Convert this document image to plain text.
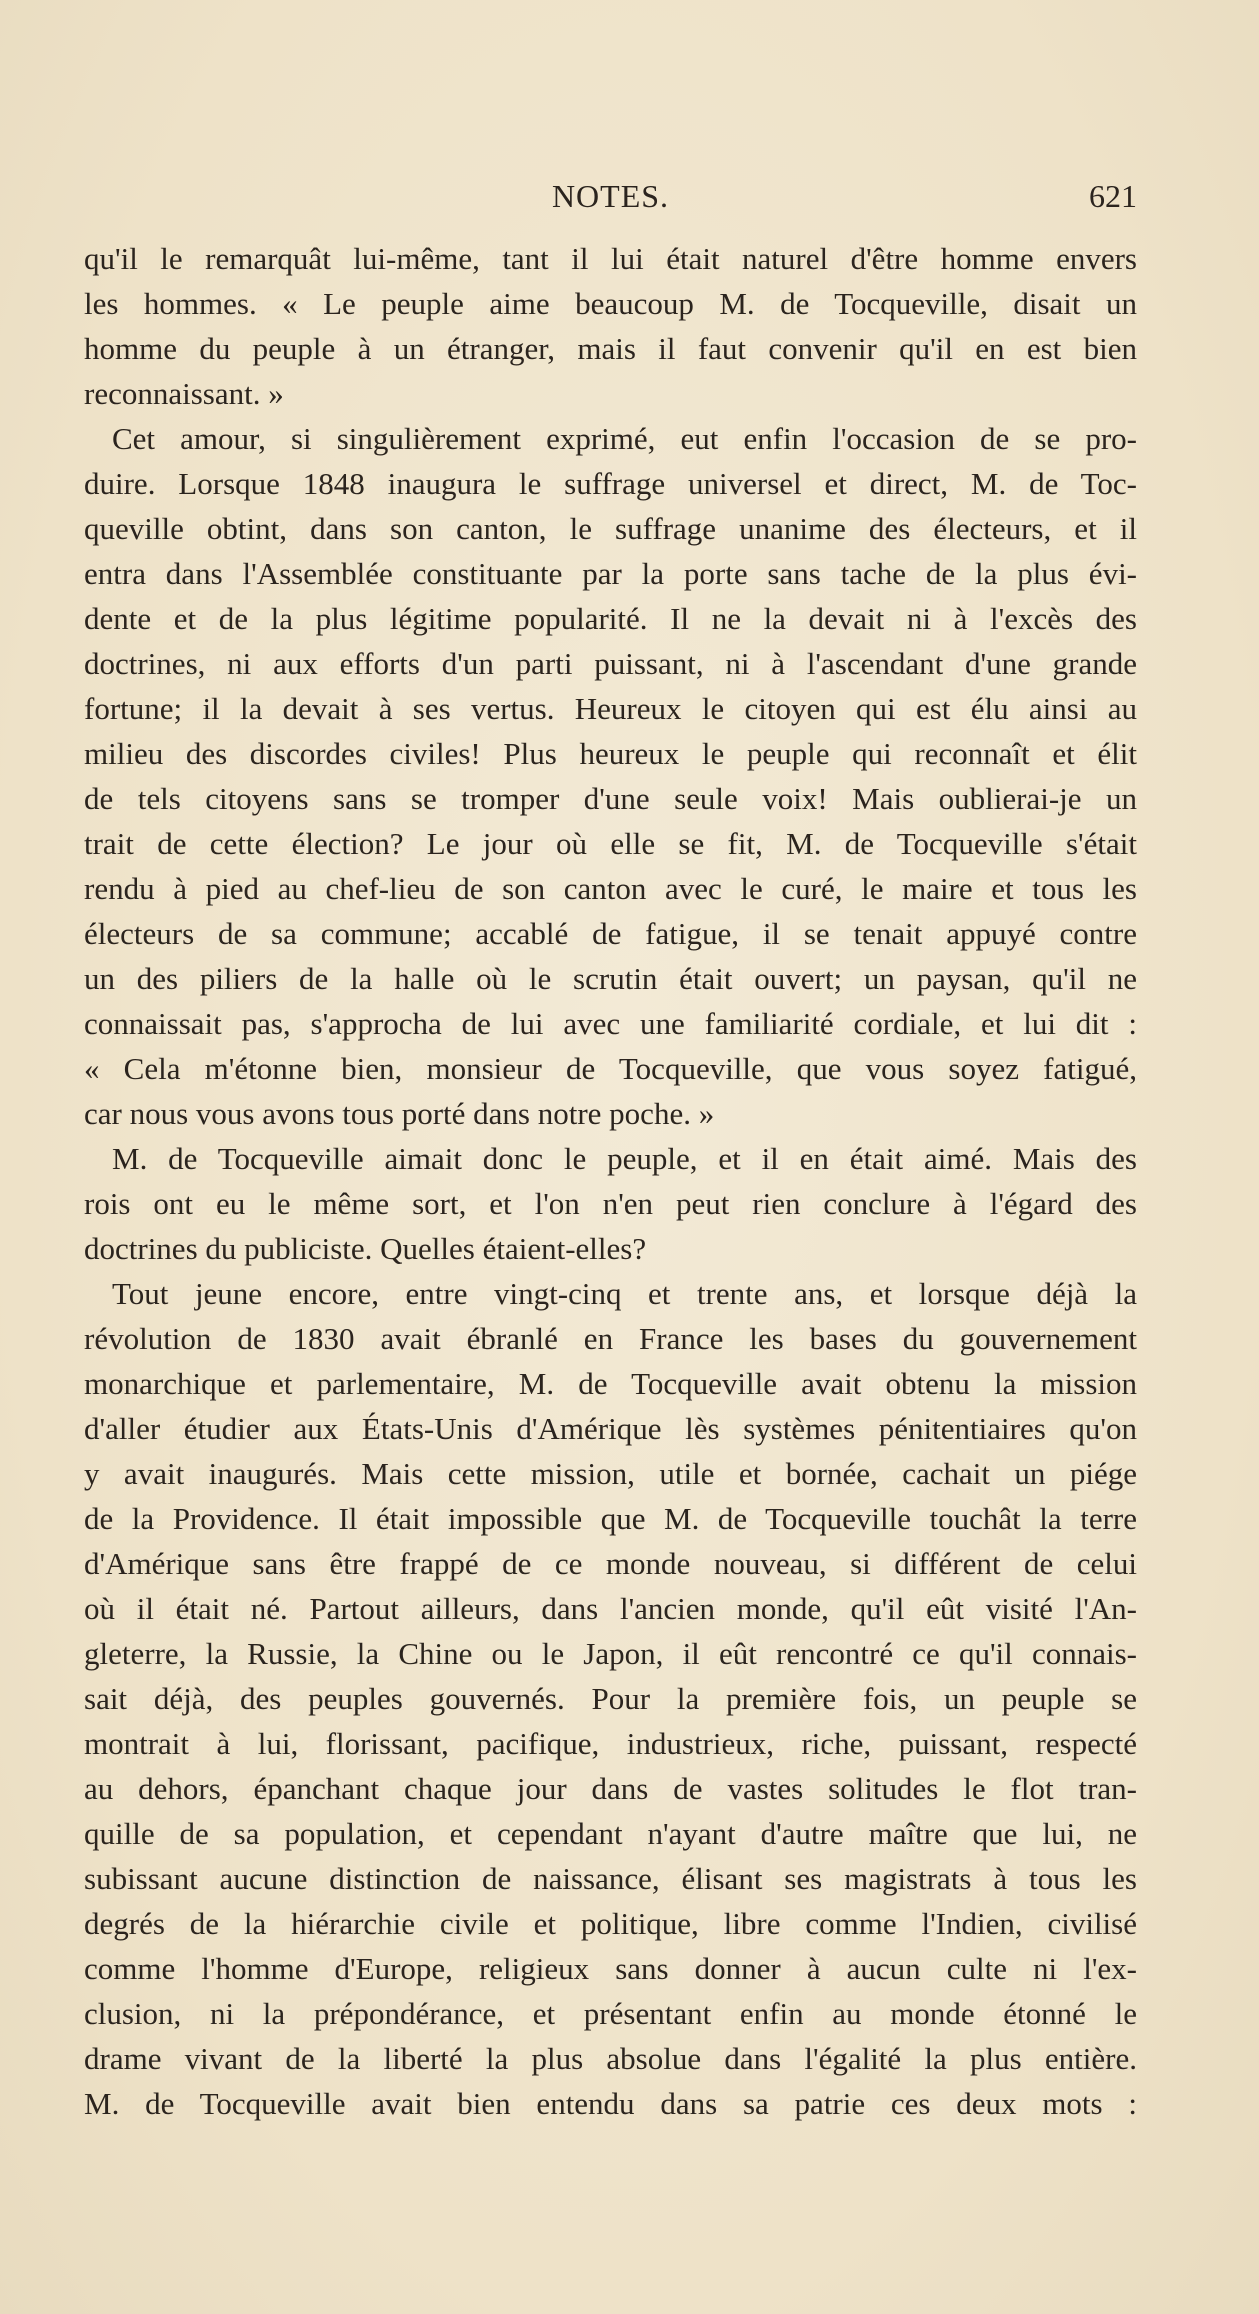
NOTES.	621
qu'il le remarquât lui-même, tant il lui était naturel d'être homme envers
les hommes. « Le peuple aime beaucoup M. de Tocqueville, disait un
homme du peuple à un étranger, mais il faut convenir qu'il en est bien
reconnaissant. »
Cet amour, si singulièrement exprimé, eut enfin l'occasion de se pro-
duire. Lorsque 1848 inaugura le suffrage universel et direct, M. de Toc-
queville obtint, dans son canton, le suffrage unanime des électeurs, et il
entra dans l'Assemblée constituante par la porte sans tache de la plus évi-
dente et de la plus légitime popularité. Il ne la devait ni à l'excès des
doctrines, ni aux efforts d'un parti puissant, ni à l'ascendant d'une grande
fortune; il la devait à ses vertus. Heureux le citoyen qui est élu ainsi au
milieu des discordes civiles! Plus heureux le peuple qui reconnaît et élit
de tels citoyens sans se tromper d'une seule voix! Mais oublierai-je un
trait de cette élection? Le jour où elle se fit, M. de Tocqueville s'était
rendu à pied au chef-lieu de son canton avec le curé, le maire et tous les
électeurs de sa commune; accablé de fatigue, il se tenait appuyé contre
un des piliers de la halle où le scrutin était ouvert; un paysan, qu'il ne
connaissait pas, s'approcha de lui avec une familiarité cordiale, et lui dit :
« Cela m'étonne bien, monsieur de Tocqueville, que vous soyez fatigué,
car nous vous avons tous porté dans notre poche. »
M. de Tocqueville aimait donc le peuple, et il en était aimé. Mais des
rois ont eu le même sort, et l'on n'en peut rien conclure à l'égard des
doctrines du publiciste. Quelles étaient-elles?
Tout jeune encore, entre vingt-cinq et trente ans, et lorsque déjà la
révolution de 1830 avait ébranlé en France les bases du gouvernement
monarchique et parlementaire, M. de Tocqueville avait obtenu la mission
d'aller étudier aux États-Unis d'Amérique lès systèmes pénitentiaires qu'on
y avait inaugurés. Mais cette mission, utile et bornée, cachait un piége
de la Providence. Il était impossible que M. de Tocqueville touchât la terre
d'Amérique sans être frappé de ce monde nouveau, si différent de celui
où il était né. Partout ailleurs, dans l'ancien monde, qu'il eût visité l'An-
gleterre, la Russie, la Chine ou le Japon, il eût rencontré ce qu'il connais-
sait déjà, des peuples gouvernés. Pour la première fois, un peuple se
montrait à lui, florissant, pacifique, industrieux, riche, puissant, respecté
au dehors, épanchant chaque jour dans de vastes solitudes le flot tran-
quille de sa population, et cependant n'ayant d'autre maître que lui, ne
subissant aucune distinction de naissance, élisant ses magistrats à tous les
degrés de la hiérarchie civile et politique, libre comme l'Indien, civilisé
comme l'homme d'Europe, religieux sans donner à aucun culte ni l'ex-
clusion, ni la prépondérance, et présentant enfin au monde étonné le
drame vivant de la liberté la plus absolue dans l'égalité la plus entière.
M. de Tocqueville avait bien entendu dans sa patrie ces deux mots :
